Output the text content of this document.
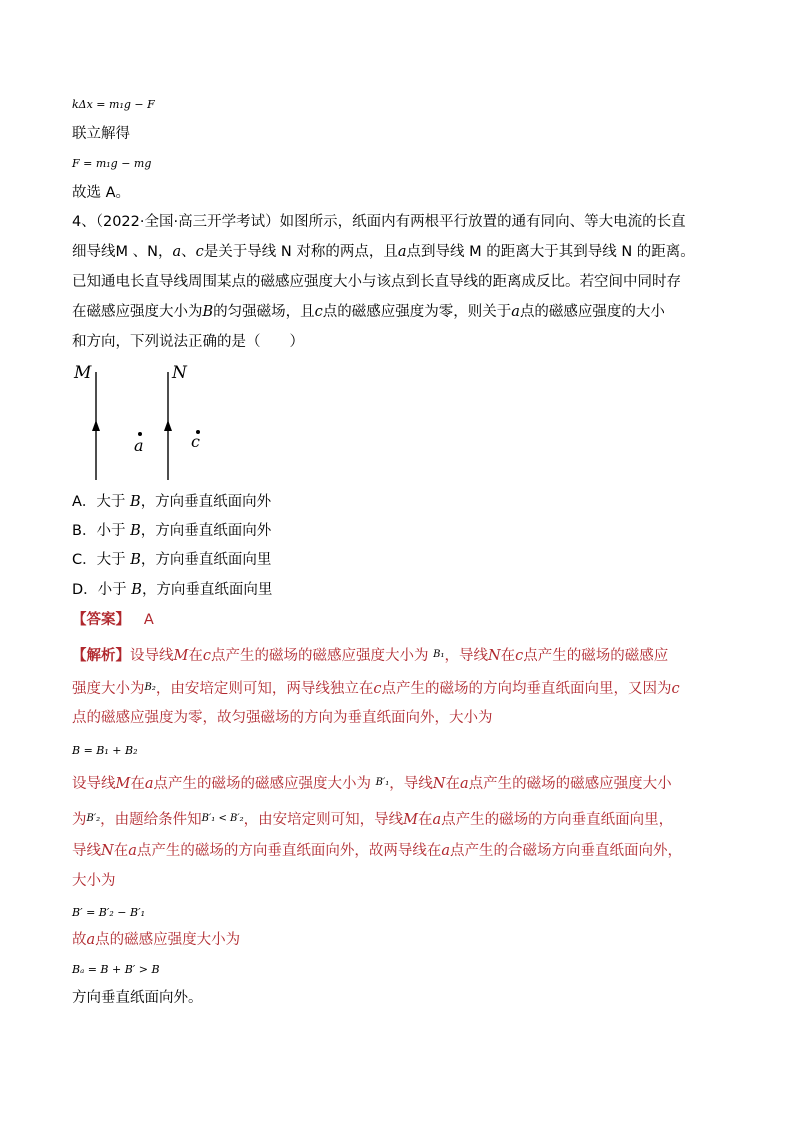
kΔx = m₁g − F
联立解得
F = m₁g − mg
故选 A。
4、（2022·全国·高三开学考试）如图所示，纸面内有两根平行放置的通有同向、等大电流的长直
细导线M 、N，a、c是关于导线 N 对称的两点，且a点到导线 M 的距离大于其到导线 N 的距离。
已知通电长直导线周围某点的磁感应强度大小与该点到长直导线的距离成反比。若空间中同时存
在磁感应强度大小为B的匀强磁场，且c点的磁感应强度为零，则关于a点的磁感应强度的大小
和方向，下列说法正确的是（　　）
M	N
a	c
A．大于 B，方向垂直纸面向外
B．小于 B，方向垂直纸面向外
C．大于 B，方向垂直纸面向里
D．小于 B，方向垂直纸面向里
【答案】 A
【解析】设导线M在c点产生的磁场的磁感应强度大小为 $^{B_1}$，导线N在c点产生的磁场的磁感应
强度大小为$^{B_2}$，由安培定则可知，两导线独立在c点产生的磁场的方向均垂直纸面向里，又因为c
点的磁感应强度为零，故匀强磁场的方向为垂直纸面向外，大小为
B = B₁ + B₂
设导线M在a点产生的磁场的磁感应强度大小为 $^{B'_1}$，导线N在a点产生的磁场的磁感应强度大小
为$^{B'_2}$，由题给条件知$^{B'_1 < B'_2}$，由安培定则可知，导线M在a点产生的磁场的方向垂直纸面向里，
导线N在a点产生的磁场的方向垂直纸面向外，故两导线在a点产生的合磁场方向垂直纸面向外，
大小为
B′ = B′₂ − B′₁
故a点的磁感应强度大小为
Bₐ = B + B′ > B
方向垂直纸面向外。
